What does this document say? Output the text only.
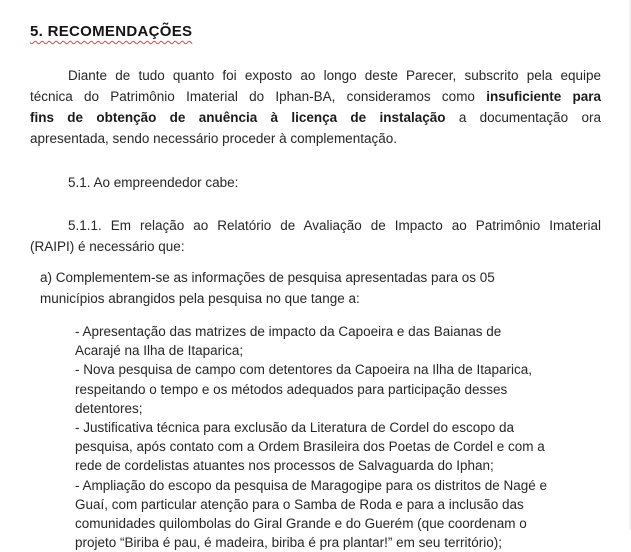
5. RECOMENDAÇÕES
Diante de tudo quanto foi exposto ao longo deste Parecer, subscrito pela equipe
técnica do Patrimônio Imaterial do Iphan-BA, consideramos como insuficiente para
fins de obtenção de anuência à licença de instalação a documentação ora
apresentada, sendo necessário proceder à complementação.
5.1. Ao empreendedor cabe:
5.1.1. Em relação ao Relatório de Avaliação de Impacto ao Patrimônio Imaterial
(RAIPI) é necessário que:
a) Complementem-se as informações de pesquisa apresentadas para os 05
municípios abrangidos pela pesquisa no que tange a:
- Apresentação das matrizes de impacto da Capoeira e das Baianas de
Acarajé na Ilha de Itaparica;
- Nova pesquisa de campo com detentores da Capoeira na Ilha de Itaparica,
respeitando o tempo e os métodos adequados para participação desses
detentores;
- Justificativa técnica para exclusão da Literatura de Cordel do escopo da
pesquisa, após contato com a Ordem Brasileira dos Poetas de Cordel e com a
rede de cordelistas atuantes nos processos de Salvaguarda do Iphan;
- Ampliação do escopo da pesquisa de Maragogipe para os distritos de Nagé e
Guaí, com particular atenção para o Samba de Roda e para a inclusão das
comunidades quilombolas do Giral Grande e do Guerém (que coordenam o
projeto “Biriba é pau, é madeira, biriba é pra plantar!” em seu território);
